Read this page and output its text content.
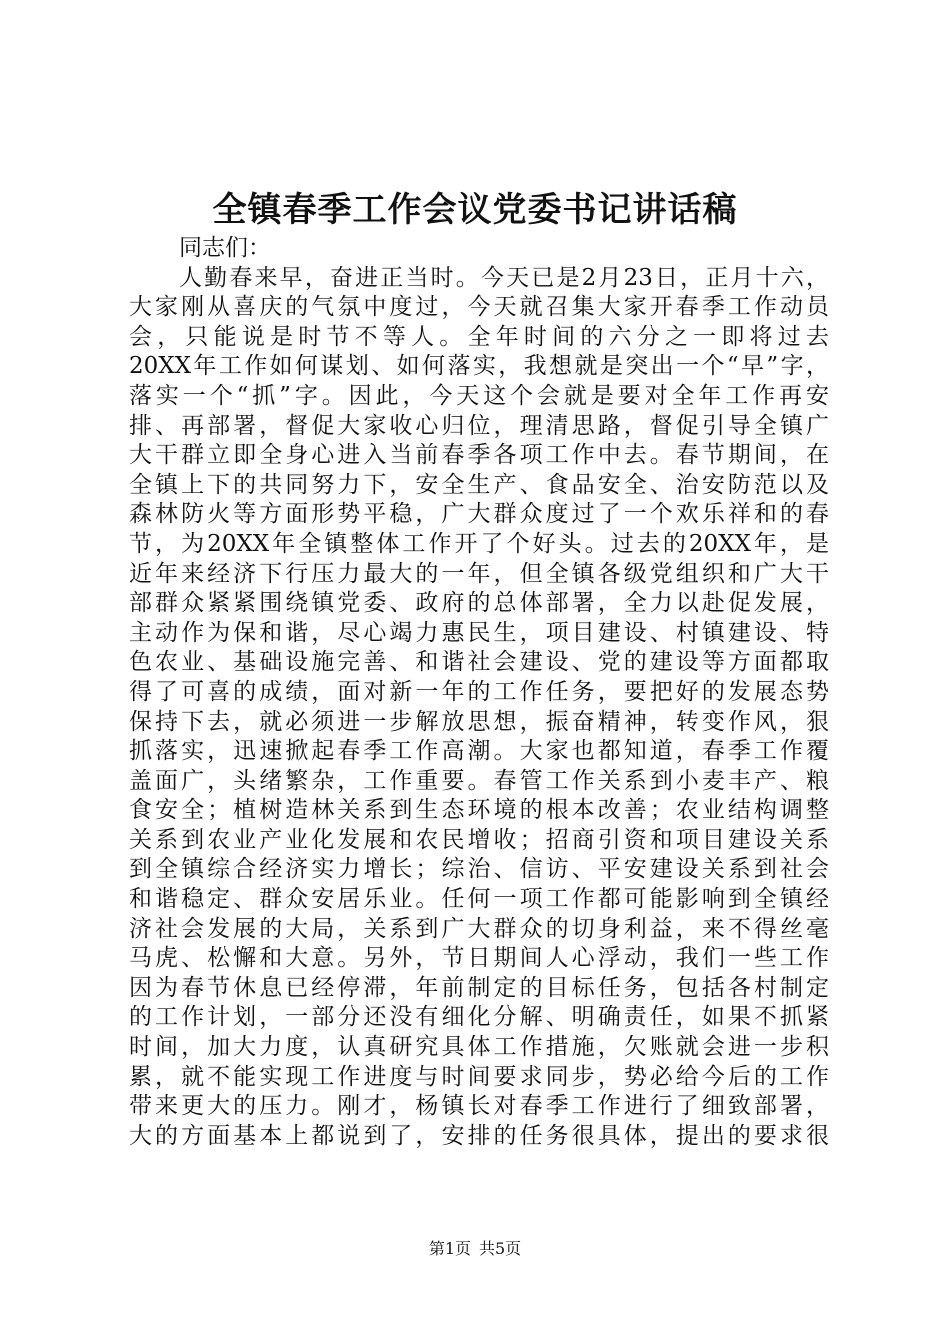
全镇春季工作会议党委书记讲话稿
同志们：
人勤春来早，奋进正当时。今天已是2月23日，正月十六，
大家刚从喜庆的气氛中度过，今天就召集大家开春季工作动员
会，只能说是时节不等人。全年时间的六分之一即将过去
20XX年工作如何谋划、如何落实，我想就是突出一个“早”字，
落实一个“抓”字。因此，今天这个会就是要对全年工作再安
排、再部署，督促大家收心归位，理清思路，督促引导全镇广
大干群立即全身心进入当前春季各项工作中去。春节期间，在
全镇上下的共同努力下，安全生产、食品安全、治安防范以及
森林防火等方面形势平稳，广大群众度过了一个欢乐祥和的春
节，为20XX年全镇整体工作开了个好头。过去的20XX年，是
近年来经济下行压力最大的一年，但全镇各级党组织和广大干
部群众紧紧围绕镇党委、政府的总体部署，全力以赴促发展，
主动作为保和谐，尽心竭力惠民生，项目建设、村镇建设、特
色农业、基础设施完善、和谐社会建设、党的建设等方面都取
得了可喜的成绩，面对新一年的工作任务，要把好的发展态势
保持下去，就必须进一步解放思想，振奋精神，转变作风，狠
抓落实，迅速掀起春季工作高潮。大家也都知道，春季工作覆
盖面广，头绪繁杂，工作重要。春管工作关系到小麦丰产、粮
食安全；植树造林关系到生态环境的根本改善；农业结构调整
关系到农业产业化发展和农民增收；招商引资和项目建设关系
到全镇综合经济实力增长；综治、信访、平安建设关系到社会
和谐稳定、群众安居乐业。任何一项工作都可能影响到全镇经
济社会发展的大局，关系到广大群众的切身利益，来不得丝毫
马虎、松懈和大意。另外，节日期间人心浮动，我们一些工作
因为春节休息已经停滞，年前制定的目标任务，包括各村制定
的工作计划，一部分还没有细化分解、明确责任，如果不抓紧
时间，加大力度，认真研究具体工作措施，欠账就会进一步积
累，就不能实现工作进度与时间要求同步，势必给今后的工作
带来更大的压力。刚才，杨镇长对春季工作进行了细致部署，
大的方面基本上都说到了，安排的任务很具体，提出的要求很
第1页 共5页
